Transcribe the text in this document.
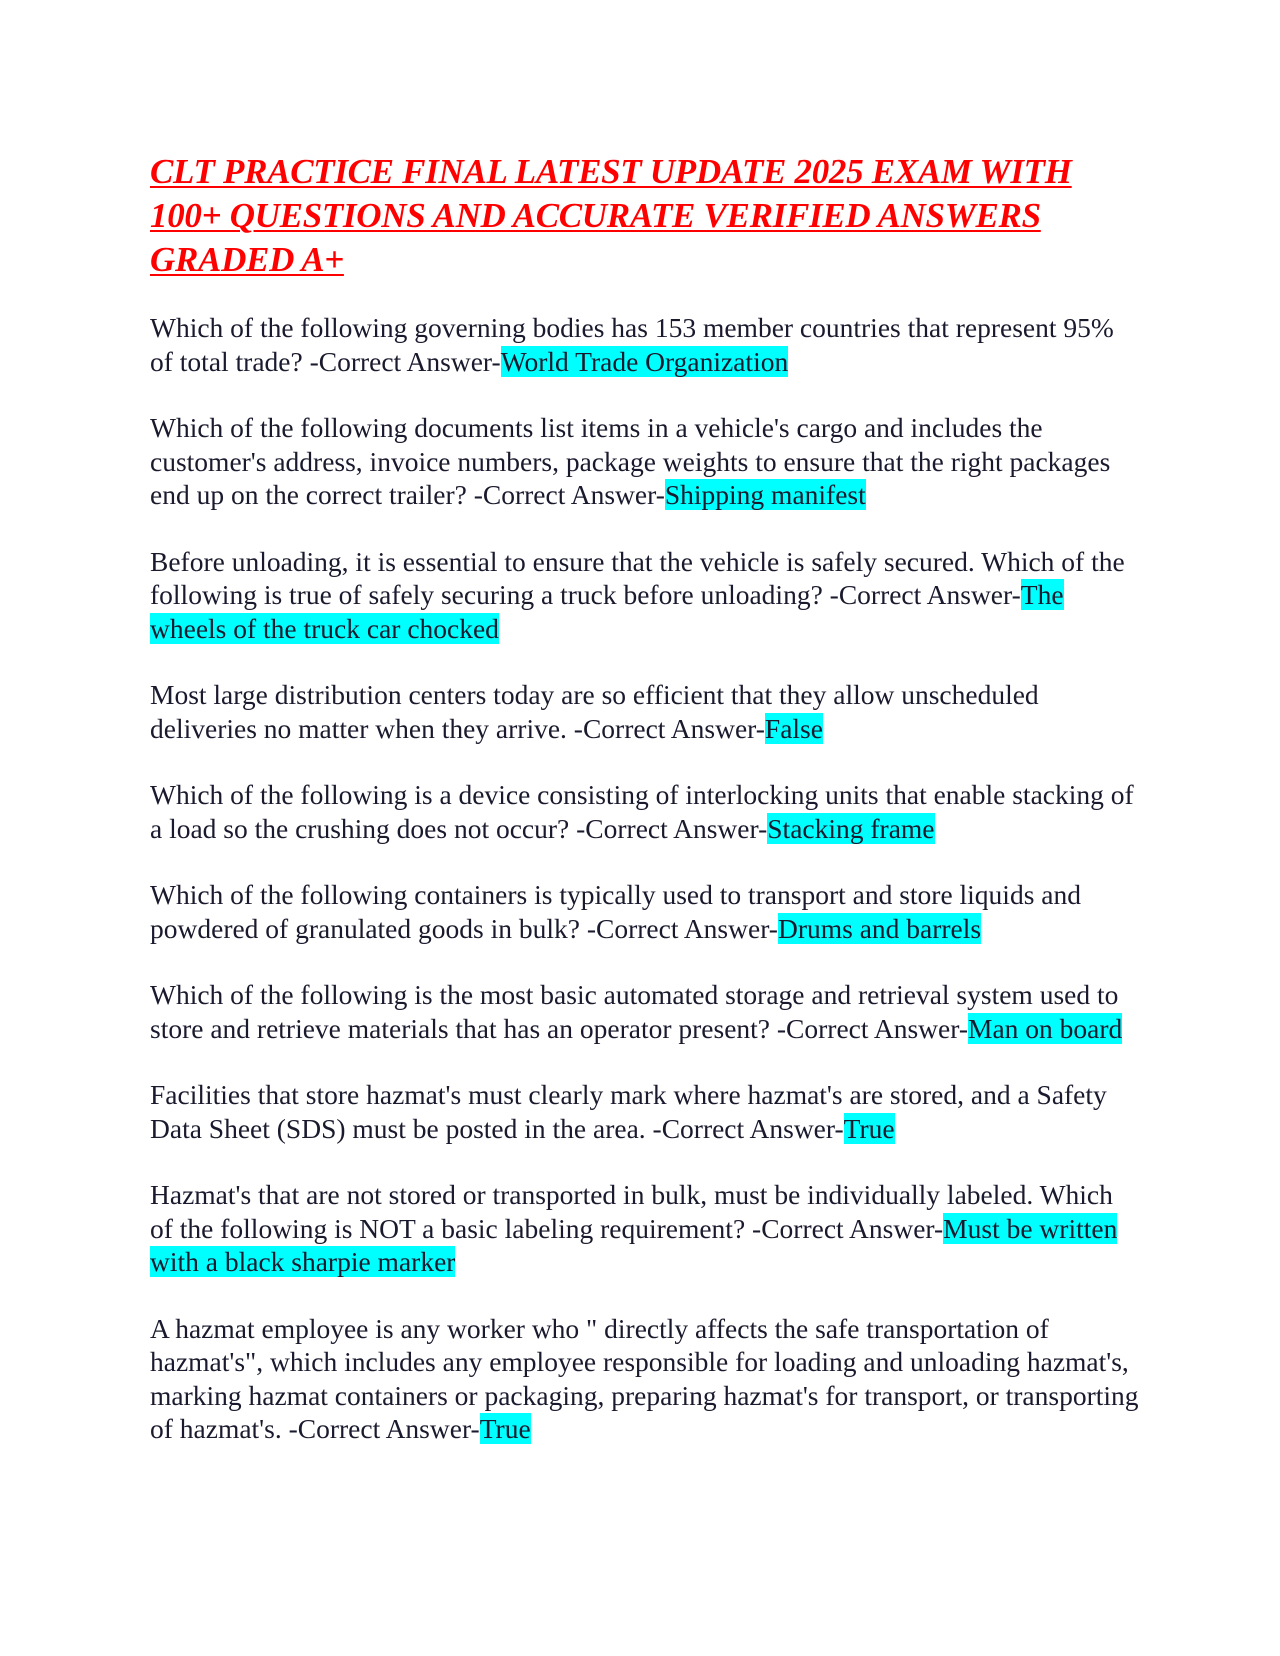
CLT PRACTICE FINAL LATEST UPDATE 2025 EXAM WITH 100+ QUESTIONS AND ACCURATE VERIFIED ANSWERS GRADED A+

Which of the following governing bodies has 153 member countries that represent 95% of total trade? -Correct Answer-World Trade Organization

Which of the following documents list items in a vehicle's cargo and includes the customer's address, invoice numbers, package weights to ensure that the right packages end up on the correct trailer? -Correct Answer-Shipping manifest

Before unloading, it is essential to ensure that the vehicle is safely secured. Which of the following is true of safely securing a truck before unloading? -Correct Answer-The wheels of the truck car chocked

Most large distribution centers today are so efficient that they allow unscheduled deliveries no matter when they arrive. -Correct Answer-False

Which of the following is a device consisting of interlocking units that enable stacking of a load so the crushing does not occur? -Correct Answer-Stacking frame

Which of the following containers is typically used to transport and store liquids and powdered of granulated goods in bulk? -Correct Answer-Drums and barrels

Which of the following is the most basic automated storage and retrieval system used to store and retrieve materials that has an operator present? -Correct Answer-Man on board

Facilities that store hazmat's must clearly mark where hazmat's are stored, and a Safety Data Sheet (SDS) must be posted in the area. -Correct Answer-True

Hazmat's that are not stored or transported in bulk, must be individually labeled. Which of the following is NOT a basic labeling requirement? -Correct Answer-Must be written with a black sharpie marker

A hazmat employee is any worker who " directly affects the safe transportation of hazmat's", which includes any employee responsible for loading and unloading hazmat's, marking hazmat containers or packaging, preparing hazmat's for transport, or transporting of hazmat's. -Correct Answer-True
